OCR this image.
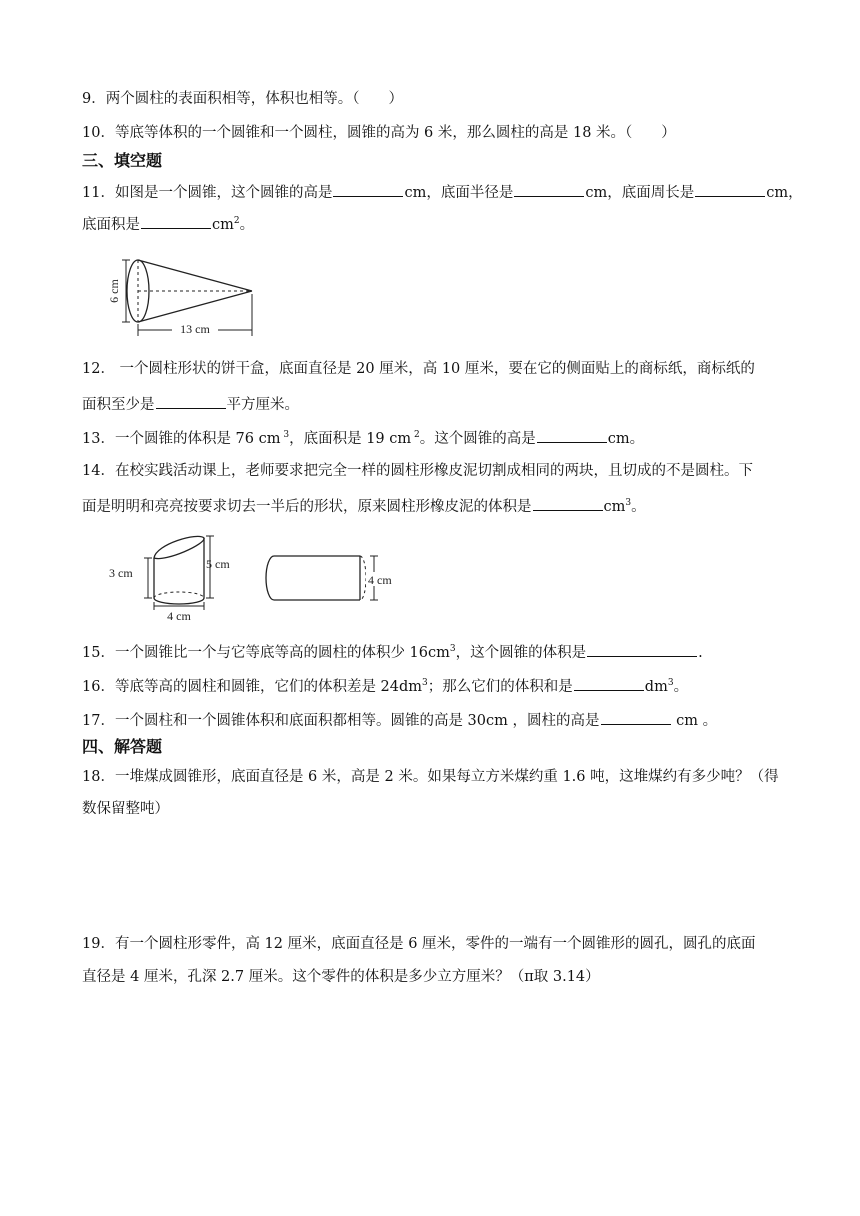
9．两个圆柱的表面积相等，体积也相等。（　　）
10．等底等体积的一个圆锥和一个圆柱，圆锥的高为 6 米，那么圆柱的高是 18 米。（　　）
三、填空题
11．如图是一个圆锥，这个圆锥的高是	cm，底面半径是	cm，底面周长是	cm，
底面积是	$cm^2$。
6 cm
13 cm
12． 一个圆柱形状的饼干盒，底面直径是 20 厘米，高 10 厘米，要在它的侧面贴上的商标纸，商标纸的
面积至少是	平方厘米。
13．一个圆锥的体积是 76 cm $^3$，底面积是 19 cm $^2$。这个圆锥的高是	cm。
14．在校实践活动课上，老师要求把完全一样的圆柱形橡皮泥切割成相同的两块，且切成的不是圆柱。下
面是明明和亮亮按要求切去一半后的形状，原来圆柱形橡皮泥的体积是	$cm^3$。
3 cm
5 cm
4 cm
4 cm
15．一个圆锥比一个与它等底等高的圆柱的体积少 $16cm^3$，这个圆锥的体积是	.
16．等底等高的圆柱和圆锥，它们的体积差是 $24dm^3$；那么它们的体积和是	$dm^3$。
17．一个圆柱和一个圆锥体积和底面积都相等。圆锥的高是 30cm ，圆柱的高是	cm 。
四、解答题
18．一堆煤成圆锥形，底面直径是 6 米，高是 2 米。如果每立方米煤约重 1.6 吨，这堆煤约有多少吨？（得
数保留整吨）
19．有一个圆柱形零件，高 12 厘米，底面直径是 6 厘米，零件的一端有一个圆锥形的圆孔，圆孔的底面
直径是 4 厘米，孔深 2.7 厘米。这个零件的体积是多少立方厘米？（π取 3.14）
